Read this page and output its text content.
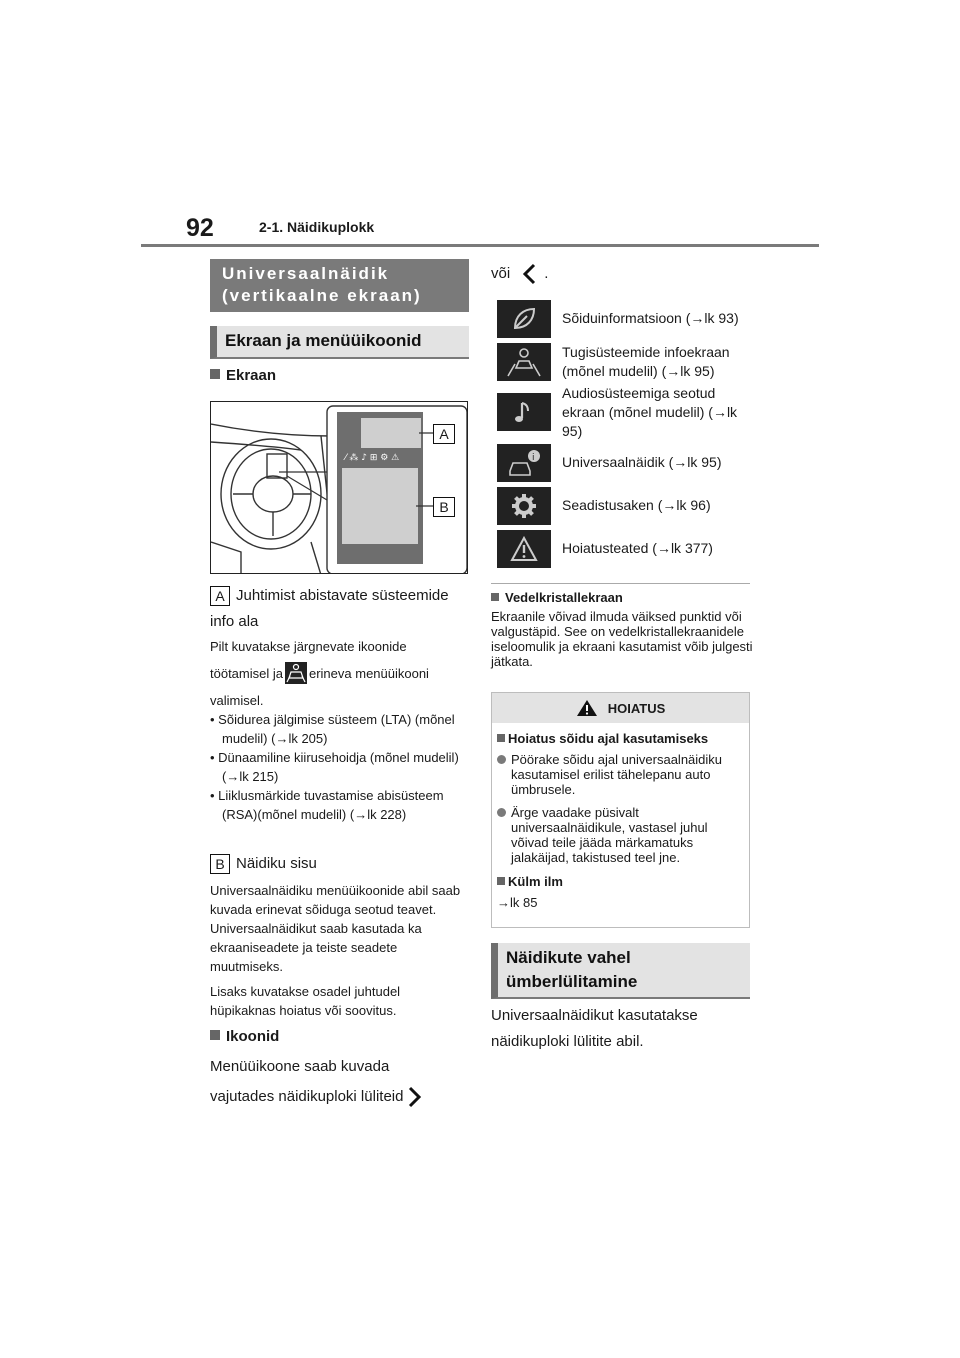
92	2-1. Näidikuplokk
Universaalnäidik (vertikaalne ekraan)
Ekraan ja menüüikoonid
Ekraan
⁄ ⁂ ♪ ⊞ ⚙ ⚠
A
B
A Juhtimist abistavate süsteemide info ala
Pilt kuvatakse järgnevate ikoonide
töötamisel ja erineva menüüikooni
valimisel.
• Sõidurea jälgimise süsteem (LTA) (mõnel mudelil) (→lk 205)
• Dünaamiline kiirusehoidja (mõnel mudelil) (→lk 215)
• Liiklusmärkide tuvastamise abisüsteem (RSA)(mõnel mudelil) (→lk 228)
B Näidiku sisu
Universaalnäidiku menüüikoonide abil saab kuvada erinevat sõiduga seotud teavet. Universaalnäidikut saab kasutada ka ekraaniseadete ja teiste seadete muutmiseks.
Lisaks kuvatakse osadel juhtudel hüpikaknas hoiatus või soovitus.
Ikoonid
Menüüikoone saab kuvada
vajutades näidikuploki lüliteid
või .
Sõiduinformatsioon (→lk 93)
Tugisüsteemide infoekraan (mõnel mudelil) (→lk 95)
Audiosüsteemiga seotud ekraan (mõnel mudelil) (→lk 95)
i Universaalnäidik (→lk 95)
Seadistusaken (→lk 96)
Hoiatusteated (→lk 377)
Vedelkristallekraan
Ekraanile võivad ilmuda väiksed punktid või valgustäpid. See on vedelkristallekraanidele iseloomulik ja ekraani kasutamist võib julgesti jätkata.
HOIATUS
Hoiatus sõidu ajal kasutamiseks
Pöörake sõidu ajal universaalnäidiku kasutamisel erilist tähelepanu auto ümbrusele.
Ärge vaadake püsivalt universaalnäidikule, vastasel juhul võivad teile jääda märkamatuks jalakäijad, takistused teel jne.
Külm ilm
→lk 85
Näidikute vahel ümberlülitamine
Universaalnäidikut kasutatakse näidikuploki lülitite abil.
